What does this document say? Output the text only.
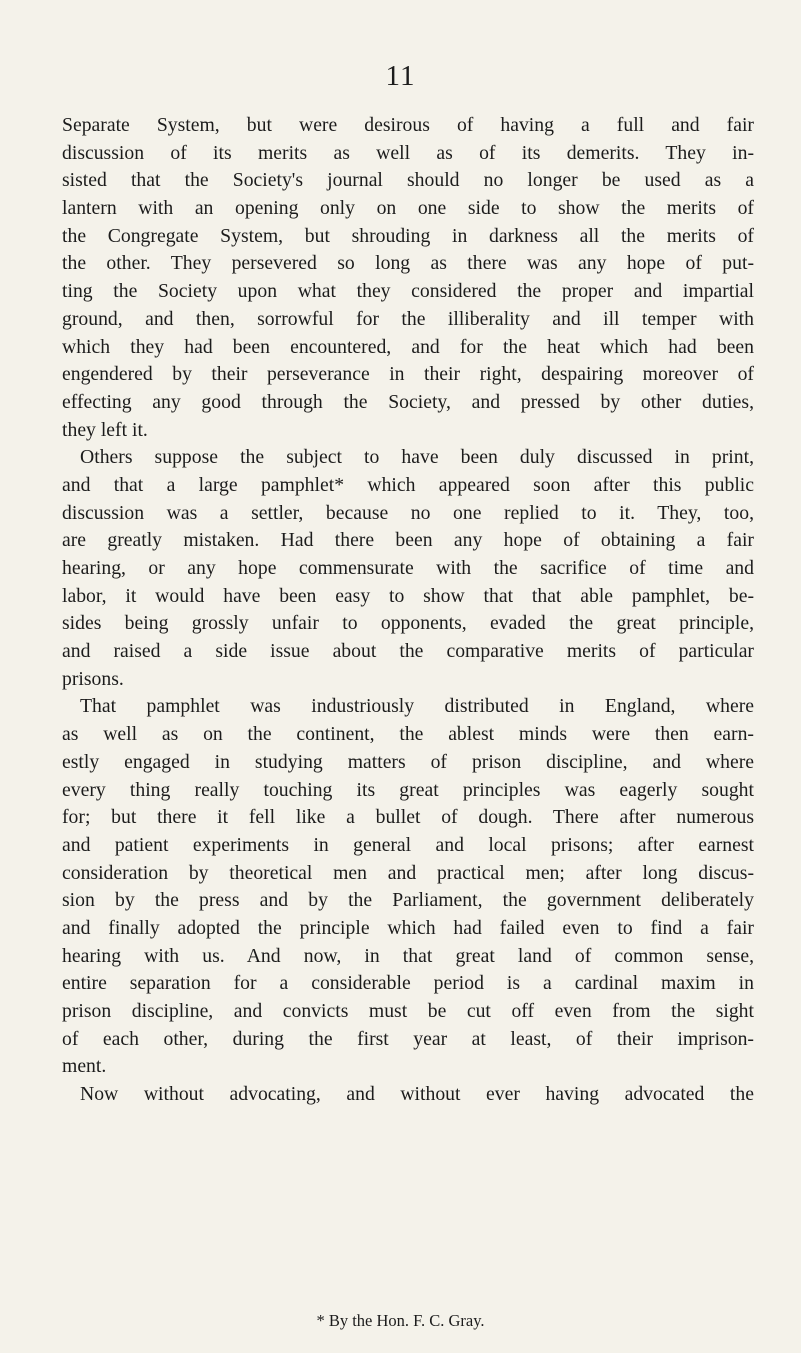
11
Separate System, but were desirous of having a full and fair
discussion of its merits as well as of its demerits. They in-
sisted that the Society's journal should no longer be used as a
lantern with an opening only on one side to show the merits of
the Congregate System, but shrouding in darkness all the merits of
the other. They persevered so long as there was any hope of put-
ting the Society upon what they considered the proper and impartial
ground, and then, sorrowful for the illiberality and ill temper with
which they had been encountered, and for the heat which had been
engendered by their perseverance in their right, despairing moreover of
effecting any good through the Society, and pressed by other duties,
they left it.
Others suppose the subject to have been duly discussed in print,
and that a large pamphlet* which appeared soon after this public
discussion was a settler, because no one replied to it. They, too,
are greatly mistaken. Had there been any hope of obtaining a fair
hearing, or any hope commensurate with the sacrifice of time and
labor, it would have been easy to show that that able pamphlet, be-
sides being grossly unfair to opponents, evaded the great principle,
and raised a side issue about the comparative merits of particular
prisons.
That pamphlet was industriously distributed in England, where
as well as on the continent, the ablest minds were then earn-
estly engaged in studying matters of prison discipline, and where
every thing really touching its great principles was eagerly sought
for; but there it fell like a bullet of dough. There after numerous
and patient experiments in general and local prisons; after earnest
consideration by theoretical men and practical men; after long discus-
sion by the press and by the Parliament, the government deliberately
and finally adopted the principle which had failed even to find a fair
hearing with us. And now, in that great land of common sense,
entire separation for a considerable period is a cardinal maxim in
prison discipline, and convicts must be cut off even from the sight
of each other, during the first year at least, of their imprison-
ment.
Now without advocating, and without ever having advocated the
* By the Hon. F. C. Gray.
